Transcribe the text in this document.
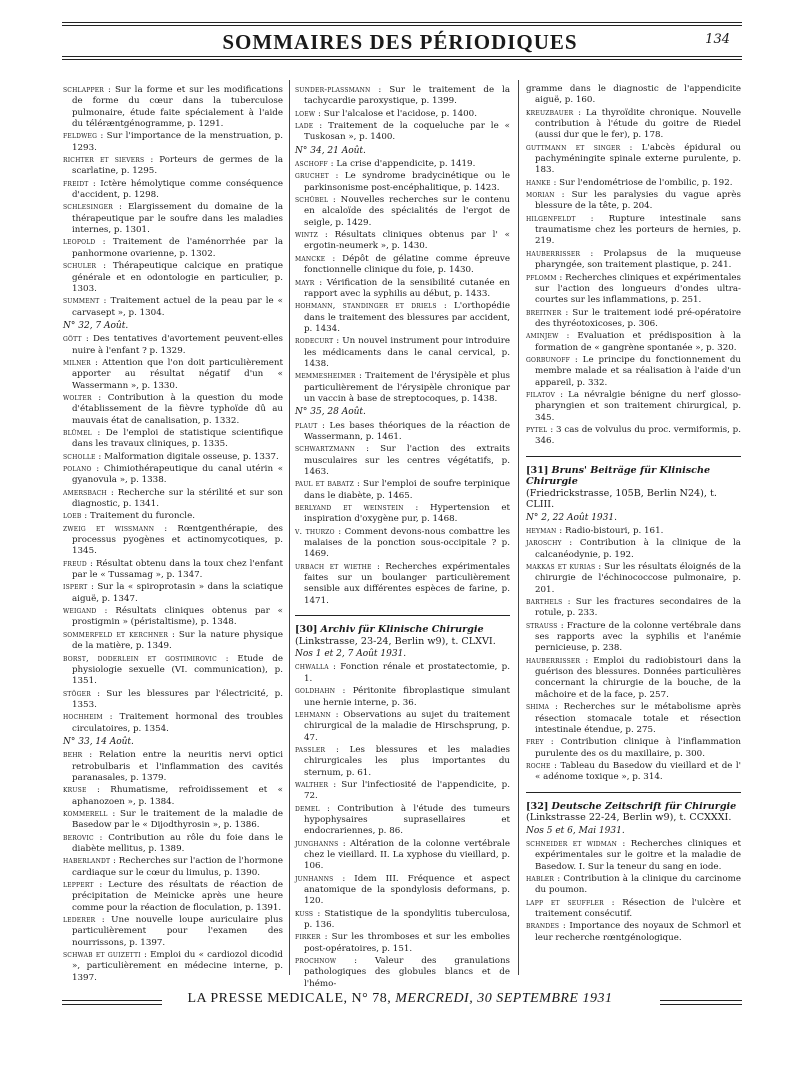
SOMMAIRES DES PÉRIODIQUES	134

schlapper : Sur la forme et sur les modifications de forme du cœur dans la tuberculose pulmonaire, étude faite spécialement à l'aide du téléræntgénogramme, p. 1291.

feldweg : Sur l'importance de la menstruation, p. 1293.

richter et sievers : Porteurs de germes de la scarlatine, p. 1295.

freidt : Ictère hémolytique comme conséquence d'accident, p. 1298.

schlesinger : Elargissement du domaine de la thérapeutique par le soufre dans les maladies internes, p. 1301.

leopold : Traitement de l'aménorrhée par la panhormone ovarienne, p. 1302.

schuler : Thérapeutique calcique en pratique générale et en odontologie en particulier, p. 1303.

summent : Traitement actuel de la peau par le « carvasept », p. 1304.

N° 32, 7 Août.

gött : Des tentatives d'avortement peuvent-elles nuire à l'enfant ? p. 1329.

milner : Attention que l'on doit particulièrement apporter au résultat négatif d'un « Wassermann », p. 1330.

wolter : Contribution à la question du mode d'établissement de la fièvre typhoïde dû au mauvais état de canalisation, p. 1332.

blümel : De l'emploi de statistique scientifique dans les travaux cliniques, p. 1335.

scholle : Malformation digitale osseuse, p. 1337.

polano : Chimiothérapeutique du canal utérin « gyanovula », p. 1338.

amersbach : Recherche sur la stérilité et sur son diagnostic, p. 1341.

loeb : Traitement du furoncle.

zweig et wissmann : Rœntgenthérapie, des processus pyogènes et actinomycotiques, p. 1345.

freud : Résultat obtenu dans la toux chez l'enfant par le « Tussamag », p. 1347.

ispert : Sur la « spiroprotasin » dans la sciatique aiguë, p. 1347.

weigand : Résultats cliniques obtenus par « prostigmin » (péristaltisme), p. 1348.

sommerfeld et kerchner : Sur la nature physique de la matière, p. 1349.

borst, doderlein et gostimirovic : Etude de physiologie sexuelle (VI. communication), p. 1351.

stöger : Sur les blessures par l'électricité, p. 1353.

hochheim : Traitement hormonal des troubles circulatoires, p. 1354.

N° 33, 14 Août.

behr : Relation entre la neuritis nervi optici retrobulbaris et l'inflammation des cavités paranasales, p. 1379.

kruse : Rhumatisme, refroidissement et « aphanozoen », p. 1384.

kommerell : Sur le traitement de la maladie de Basedow par le « Dijodthyrosin », p. 1386.

berovic : Contribution au rôle du foie dans le diabète mellitus, p. 1389.

haberlandt : Recherches sur l'action de l'hormone cardiaque sur le cœur du limulus, p. 1390.

leppert : Lecture des résultats de réaction de précipitation de Meinicke après une heure comme pour la réaction de floculation, p. 1391.

lederer : Une nouvelle loupe auriculaire plus particulièrement pour l'examen des nourrissons, p. 1397.

schwab et guizetti : Emploi du « cardiozol dicodid », particulièrement en médecine interne, p. 1397.

sunder-plassmann : Sur le traitement de la tachycardie paroxystique, p. 1399.

loew : Sur l'alcalose et l'acidose, p. 1400.

lade : Traitement de la coqueluche par le « Tuskosan », p. 1400.

N° 34, 21 Août.

aschoff : La crise d'appendicite, p. 1419.

gruchet : Le syndrome bradycinétique ou le parkinsonisme post-encéphalitique, p. 1423.

schübel : Nouvelles recherches sur le contenu en alcaloïde des spécialités de l'ergot de seigle, p. 1429.

wintz : Résultats cliniques obtenus par l' « ergotin-neumerk », p. 1430.

mancke : Dépôt de gélatine comme épreuve fonctionnelle clinique du foie, p. 1430.

mayr : Vérification de la sensibilité cutanée en rapport avec la syphilis au début, p. 1433.

hohmann, standinger et driels : L'orthopédie dans le traitement des blessures par accident, p. 1434.

rodecurt : Un nouvel instrument pour introduire les médicaments dans le canal cervical, p. 1438.

memmesheimer : Traitement de l'érysipèle et plus particulièrement de l'érysipèle chronique par un vaccin à base de streptocoques, p. 1438.

N° 35, 28 Août.

plaut : Les bases théoriques de la réaction de Wassermann, p. 1461.

schwartzmann : Sur l'action des extraits musculaires sur les centres végétatifs, p. 1463.

paul et babatz : Sur l'emploi de soufre terpinique dans le diabète, p. 1465.

berlyand et weinstein : Hypertension et inspiration d'oxygène pur, p. 1468.

v. thurzo : Comment devons-nous combattre les malaises de la ponction sous-occipitale ? p. 1469.

urbach et wiethe : Recherches expérimentales faites sur un boulanger particulièrement sensible aux différentes espèces de farine, p. 1471.

[30] Archiv für Klinische Chirurgie
(Linkstrasse, 23-24, Berlin w9), t. CLXVI.
Nos 1 et 2, 7 Août 1931.

chwalla : Fonction rénale et prostatectomie, p. 1.

goldhahn : Péritonite fibroplastique simulant une hernie interne, p. 36.

lehmann : Observations au sujet du traitement chirurgical de la maladie de Hirschsprung, p. 47.

passler : Les blessures et les maladies chirurgicales les plus importantes du sternum, p. 61.

walther : Sur l'infectiosité de l'appendicite, p. 72.

demel : Contribution à l'étude des tumeurs hypophysaires suprasellaires et endocrariennes, p. 86.

junghanns : Altération de la colonne vertébrale chez le vieillard. II. La xyphose du vieillard, p. 106.

junhanns : Idem III. Fréquence et aspect anatomique de la spondylosis deformans, p. 120.

kuss : Statistique de la spondylitis tuberculosa, p. 136.

firker : Sur les thromboses et sur les embolies post-opératoires, p. 151.

prochnow : Valeur des granulations pathologiques des globules blancs et de l'hémo-

gramme dans le diagnostic de l'appendicite aiguë, p. 160.

kreuzbauer : La thyroïdite chronique. Nouvelle contribution à l'étude du goitre de Riedel (aussi dur que le fer), p. 178.

guttmann et singer : L'abcès épidural ou pachyméningite spinale externe purulente, p. 183.

hanke : Sur l'endométriose de l'ombilic, p. 192.

morian : Sur les paralysies du vague après blessure de la tête, p. 204.

hilgenfeldt : Rupture intestinale sans traumatisme chez les porteurs de hernies, p. 219.

hauberrisser : Prolapsus de la muqueuse pharyngée, son traitement plastique, p. 241.

pflomm : Recherches cliniques et expérimentales sur l'action des longueurs d'ondes ultra-courtes sur les inflammations, p. 251.

breitner : Sur le traitement iodé pré-opératoire des thyréotoxicoses, p. 306.

aminjew : Evaluation et prédisposition à la formation de « gangrène spontanée », p. 320.

gorbunoff : Le principe du fonctionnement du membre malade et sa réalisation à l'aide d'un appareil, p. 332.

filatov : La névralgie bénigne du nerf glosso-pharyngien et son traitement chirurgical, p. 345.

pytel : 3 cas de volvulus du proc. vermiformis, p. 346.

[31] Bruns' Beiträge für Klinische Chirurgie
(Friedrickstrasse, 105B, Berlin N24), t. CLIII.
N° 2, 22 Août 1931.

heyman : Radio-bistouri, p. 161.

jaroschy : Contribution à la clinique de la calcanéodynie, p. 192.

makkas et kurias : Sur les résultats éloignés de la chirurgie de l'échinococcose pulmonaire, p. 201.

barthels : Sur les fractures secondaires de la rotule, p. 233.

strauss : Fracture de la colonne vertébrale dans ses rapports avec la syphilis et l'anémie pernicieuse, p. 238.

hauberrisser : Emploi du radiobistouri dans la guérison des blessures. Données particulières concernant la chirurgie de la bouche, de la mâchoire et de la face, p. 257.

shima : Recherches sur le métabolisme après résection stomacale totale et résection intestinale étendue, p. 275.

frey : Contribution clinique à l'inflammation purulente des os du maxillaire, p. 300.

roche : Tableau du Basedow du vieillard et de l' « adénome toxique », p. 314.

[32] Deutsche Zeitschrift für Chirurgie
(Linkstrasse 22-24, Berlin w9), t. CCXXXI.
Nos 5 et 6, Mai 1931.

schneider et widman : Recherches cliniques et expérimentales sur le goitre et la maladie de Basedow. I. Sur la teneur du sang en iode.

habler : Contribution à la clinique du carcinome du poumon.

lapp et seuffler : Résection de l'ulcère et traitement consécutif.

brandes : Importance des noyaux de Schmorl et leur recherche rœntgénologique.

LA PRESSE MEDICALE, N° 78, MERCREDI, 30 SEPTEMBRE 1931
